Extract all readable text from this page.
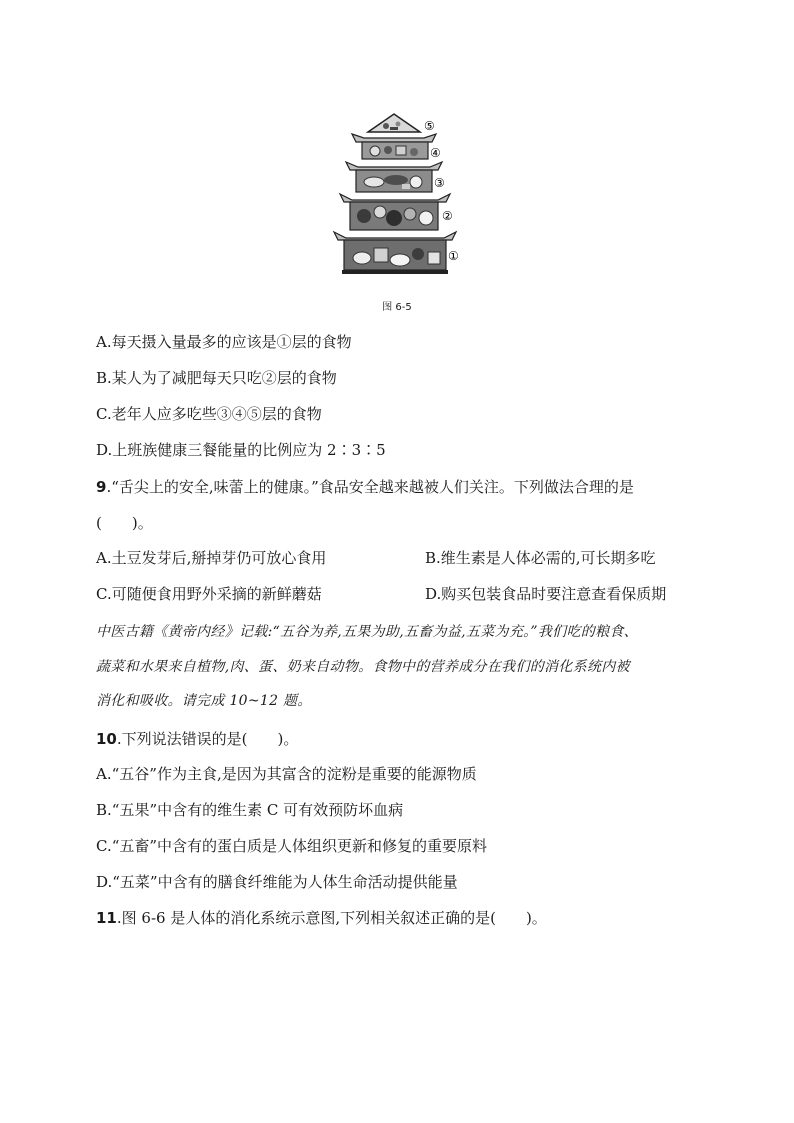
⑤
④
③
②
①
图 6-5
A.每天摄入量最多的应该是①层的食物
B.某人为了减肥每天只吃②层的食物
C.老年人应多吃些③④⑤层的食物
D.上班族健康三餐能量的比例应为 2∶3∶5
9.“舌尖上的安全,味蕾上的健康。”食品安全越来越被人们关注。下列做法合理的是
(　　)。
A.土豆发芽后,掰掉芽仍可放心食用	B.维生素是人体必需的,可长期多吃
C.可随便食用野外采摘的新鲜蘑菇	D.购买包装食品时要注意查看保质期
中医古籍《黄帝内经》记载:“五谷为养,五果为助,五畜为益,五菜为充。”我们吃的粮食、
蔬菜和水果来自植物,肉、蛋、奶来自动物。食物中的营养成分在我们的消化系统内被
消化和吸收。请完成 10~12 题。
10.下列说法错误的是(　　)。
A.“五谷”作为主食,是因为其富含的淀粉是重要的能源物质
B.“五果”中含有的维生素 C 可有效预防坏血病
C.“五畜”中含有的蛋白质是人体组织更新和修复的重要原料
D.“五菜”中含有的膳食纤维能为人体生命活动提供能量
11.图 6-6 是人体的消化系统示意图,下列相关叙述正确的是(　　)。
